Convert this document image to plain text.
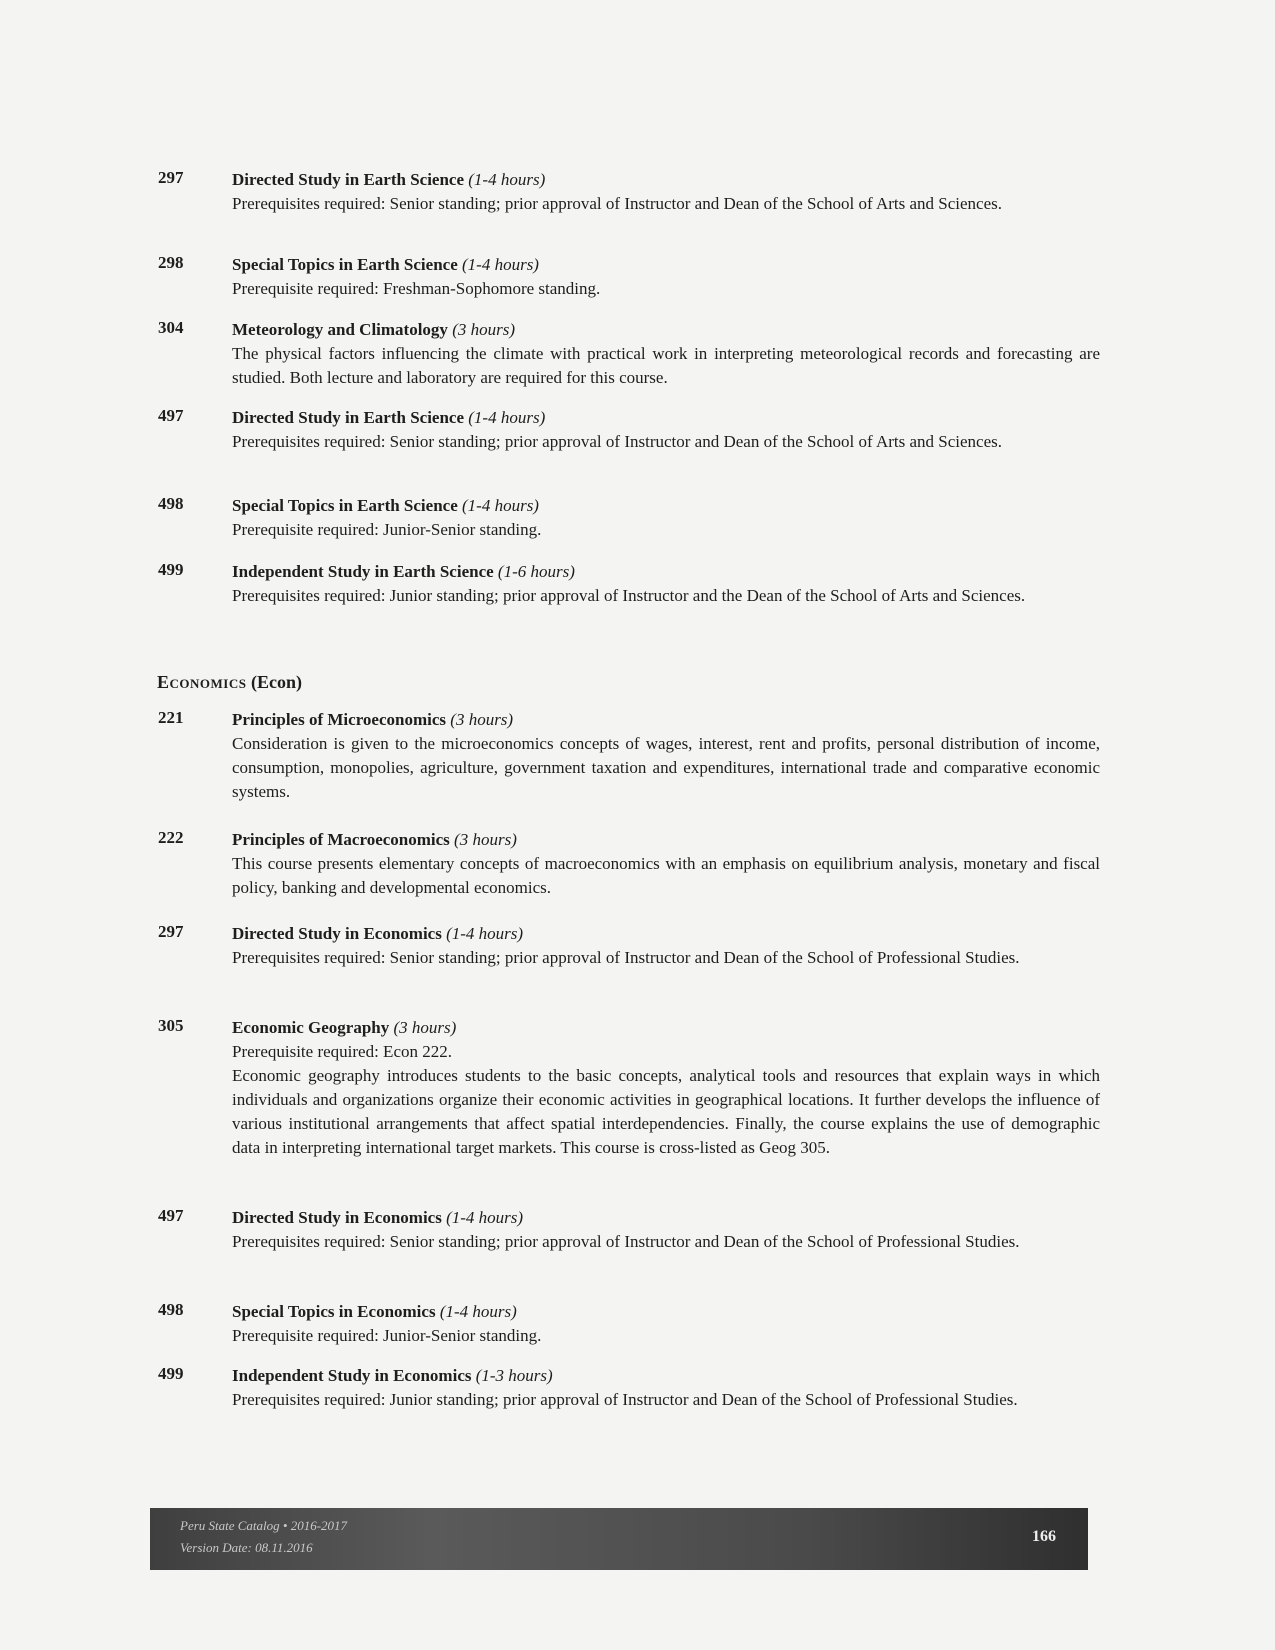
297	Directed Study in Earth Science (1-4 hours)
Prerequisites required: Senior standing; prior approval of Instructor and Dean of the School of Arts and Sciences.
298	Special Topics in Earth Science (1-4 hours)
Prerequisite required: Freshman-Sophomore standing.
304	Meteorology and Climatology (3 hours)
The physical factors influencing the climate with practical work in interpreting meteorological records and forecasting are studied. Both lecture and laboratory are required for this course.
497	Directed Study in Earth Science (1-4 hours)
Prerequisites required: Senior standing; prior approval of Instructor and Dean of the School of Arts and Sciences.
498	Special Topics in Earth Science (1-4 hours)
Prerequisite required: Junior-Senior standing.
499	Independent Study in Earth Science (1-6 hours)
Prerequisites required: Junior standing; prior approval of Instructor and the Dean of the School of Arts and Sciences.
Economics (Econ)
221	Principles of Microeconomics (3 hours)
Consideration is given to the microeconomics concepts of wages, interest, rent and profits, personal distribution of income, consumption, monopolies, agriculture, government taxation and expenditures, international trade and comparative economic systems.
222	Principles of Macroeconomics (3 hours)
This course presents elementary concepts of macroeconomics with an emphasis on equilibrium analysis, monetary and fiscal policy, banking and developmental economics.
297	Directed Study in Economics (1-4 hours)
Prerequisites required: Senior standing; prior approval of Instructor and Dean of the School of Professional Studies.
305	Economic Geography (3 hours)
Prerequisite required: Econ 222.
Economic geography introduces students to the basic concepts, analytical tools and resources that explain ways in which individuals and organizations organize their economic activities in geographical locations. It further develops the influence of various institutional arrangements that affect spatial interdependencies. Finally, the course explains the use of demographic data in interpreting international target markets. This course is cross-listed as Geog 305.
497	Directed Study in Economics (1-4 hours)
Prerequisites required: Senior standing; prior approval of Instructor and Dean of the School of Professional Studies.
498	Special Topics in Economics (1-4 hours)
Prerequisite required: Junior-Senior standing.
499	Independent Study in Economics (1-3 hours)
Prerequisites required: Junior standing; prior approval of Instructor and Dean of the School of Professional Studies.
Peru State Catalog • 2016-2017
Version Date: 08.11.2016
166
